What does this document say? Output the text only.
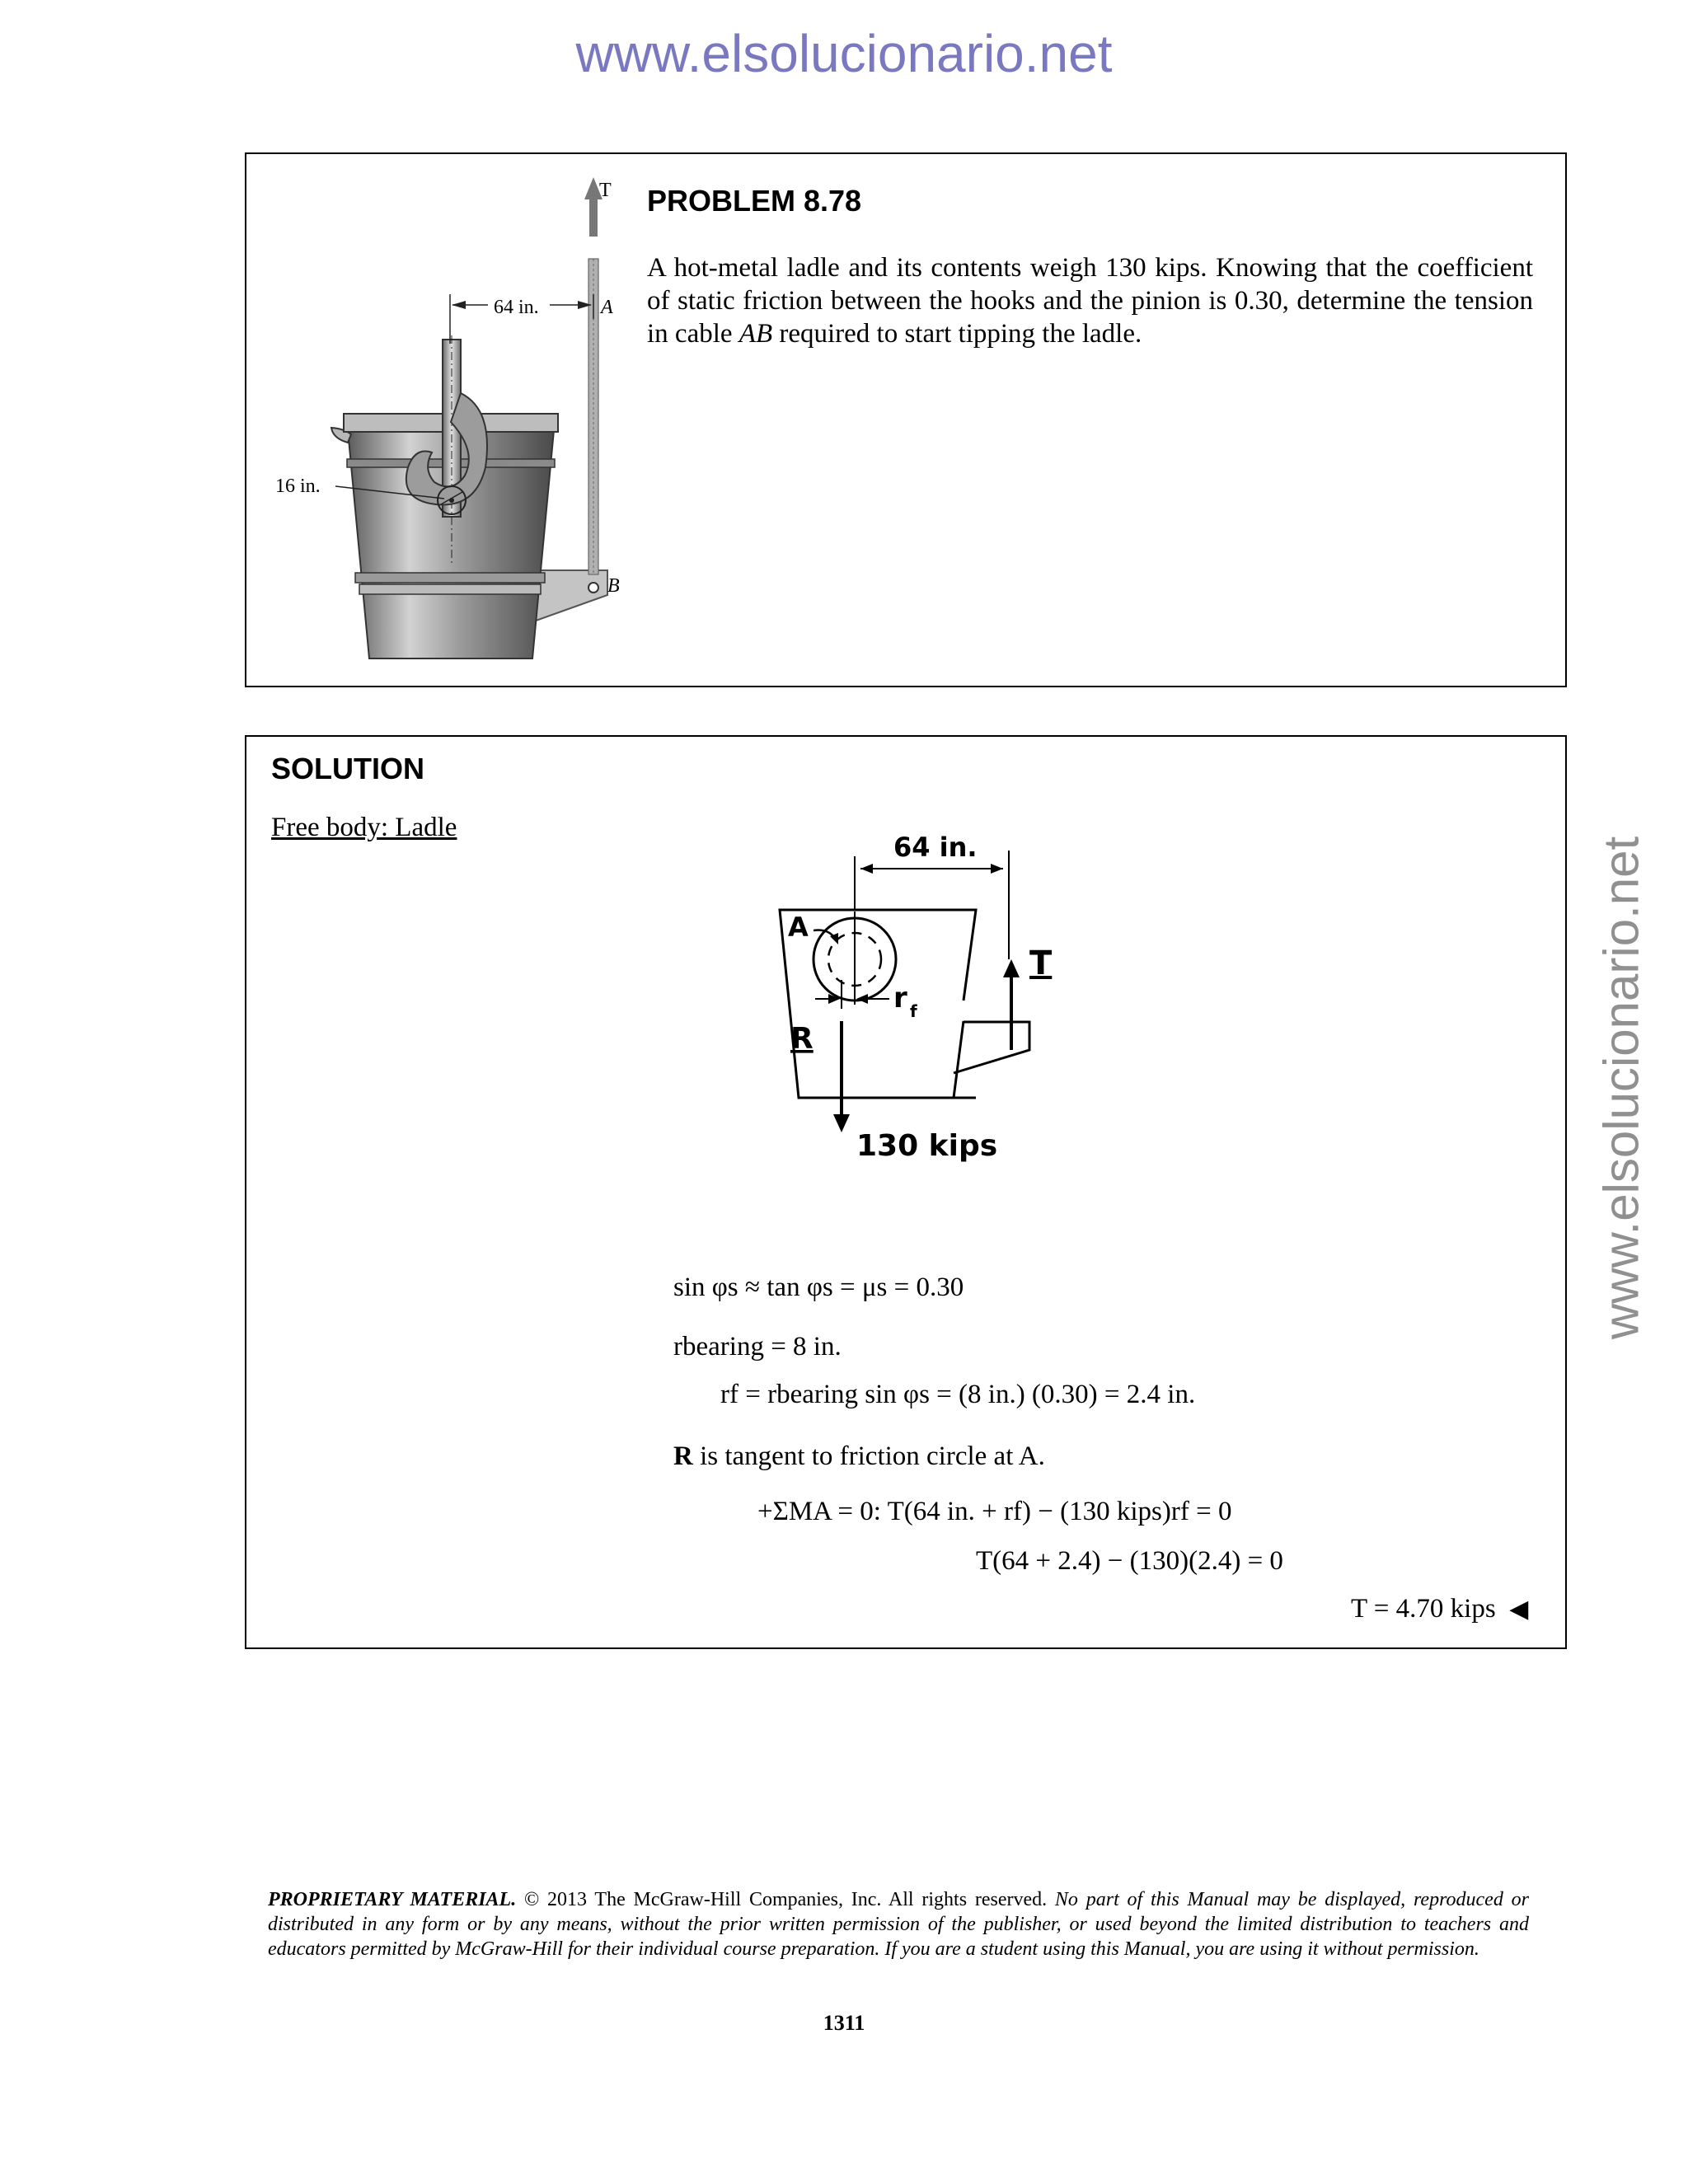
www.elsolucionario.net
www.elsolucionario.net
64 in.
T
A
16 in.
B
PROBLEM 8.78
A hot-metal ladle and its contents weigh 130 kips. Knowing that the coefficient of static friction between the hooks and the pinion is 0.30, determine the tension in cable AB required to start tipping the ladle.
SOLUTION
Free body: Ladle
64 in.
A
T
r f
R
130 kips
sin φs ≈ tan φs = μs = 0.30
rbearing = 8 in.
rf = rbearing sin φs = (8 in.) (0.30) = 2.4 in.
R is tangent to friction circle at A.
+ΣMA = 0: T(64 in. + rf) − (130 kips)rf = 0
T(64 + 2.4) − (130)(2.4) = 0
T = 4.70 kips ◀
PROPRIETARY MATERIAL. © 2013 The McGraw-Hill Companies, Inc. All rights reserved. No part of this Manual may be displayed, reproduced or distributed in any form or by any means, without the prior written permission of the publisher, or used beyond the limited distribution to teachers and educators permitted by McGraw-Hill for their individual course preparation. If you are a student using this Manual, you are using it without permission.
1311
